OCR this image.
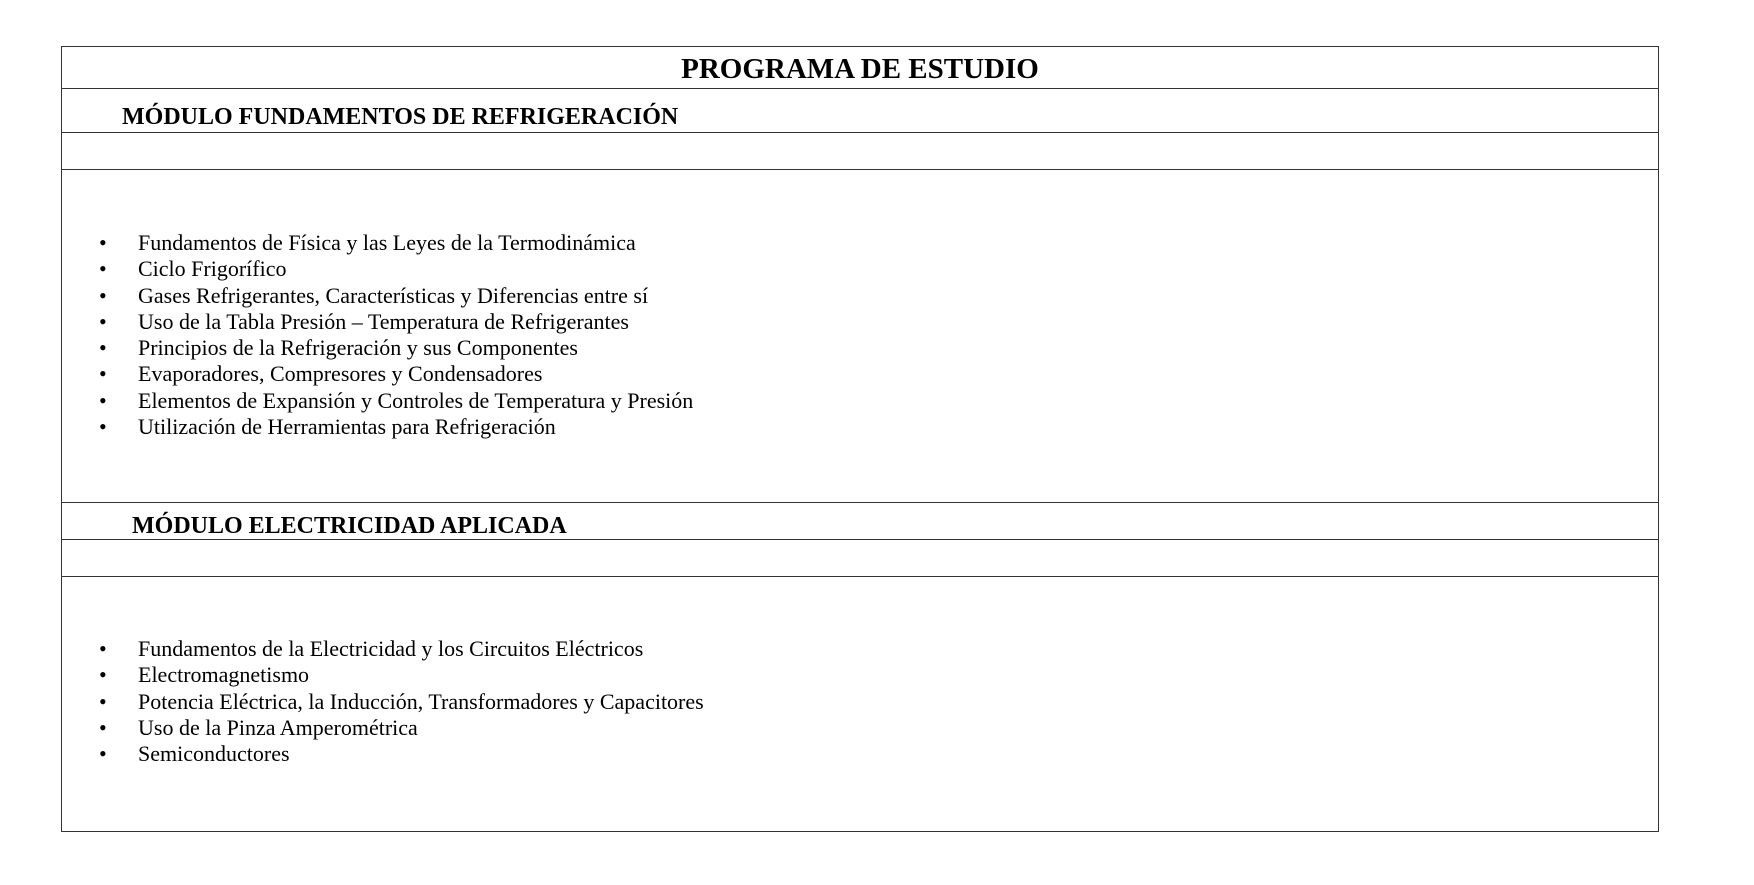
PROGRAMA DE ESTUDIO
MÓDULO FUNDAMENTOS DE REFRIGERACIÓN
• Fundamentos de Física y las Leyes de la Termodinámica
• Ciclo Frigorífico
• Gases Refrigerantes, Características y Diferencias entre sí
• Uso de la Tabla Presión – Temperatura de Refrigerantes
• Principios de la Refrigeración y sus Componentes
• Evaporadores, Compresores y Condensadores
• Elementos de Expansión y Controles de Temperatura y Presión
• Utilización de Herramientas para Refrigeración
MÓDULO ELECTRICIDAD APLICADA
• Fundamentos de la Electricidad y los Circuitos Eléctricos
• Electromagnetismo
• Potencia Eléctrica, la Inducción, Transformadores y Capacitores
• Uso de la Pinza Amperométrica
• Semiconductores
